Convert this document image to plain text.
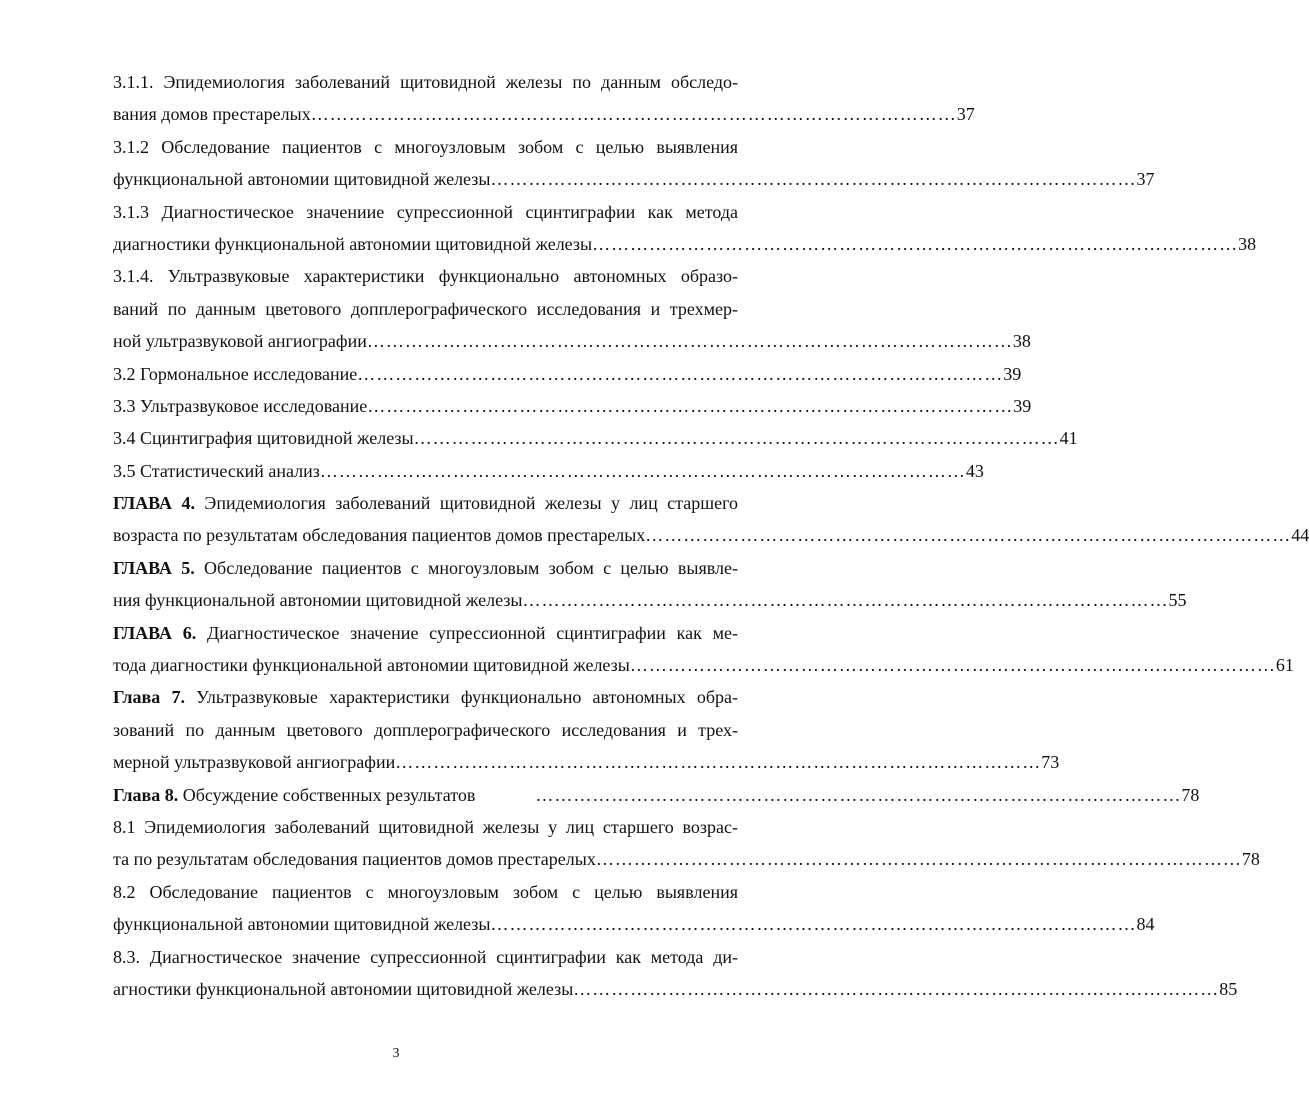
3.1.1. Эпидемиология заболеваний щитовидной железы по данным обследо-
вания домов престарелых ………………………………………………………………………………………… 37
3.1.2 Обследование пациентов с многоузловым зобом с целью выявления
функциональной автономии щитовидной железы ………………………………………………………………………………………… 37
3.1.3 Диагностическое значениие супрессионной сцинтиграфии как метода
диагностики функциональной автономии щитовидной железы ………………………………………………………………………………………… 38
3.1.4. Ультразвуковые характеристики функционально автономных образо-
ваний по данным цветового допплерографического исследования и трехмер-
ной ультразвуковой ангиографии ………………………………………………………………………………………… 38
3.2 Гормональное исследование ………………………………………………………………………………………… 39
3.3 Ультразвуковое исследование ………………………………………………………………………………………… 39
3.4 Сцинтиграфия щитовидной железы ………………………………………………………………………………………… 41
3.5 Статистический анализ ………………………………………………………………………………………… 43
ГЛАВА 4. Эпидемиология заболеваний щитовидной железы у лиц старшего
возраста по результатам обследования пациентов домов престарелых ………………………………………………………………………………………… 44
ГЛАВА 5. Обследование пациентов с многоузловым зобом с целью выявле-
ния функциональной автономии щитовидной железы ………………………………………………………………………………………… 55
ГЛАВА 6. Диагностическое значение супрессионной сцинтиграфии как ме-
тода диагностики функциональной автономии щитовидной железы ………………………………………………………………………………………… 61
Глава 7. Ультразвуковые характеристики функционально автономных обра-
зований по данным цветового допплерографического исследования и трех-
мерной ультразвуковой ангиографии ………………………………………………………………………………………… 73
Глава 8. Обсуждение собственных результатов	………………………………………………………………………………………… 78
8.1 Эпидемиология заболеваний щитовидной железы у лиц старшего возрас-
та по результатам обследования пациентов домов престарелых ………………………………………………………………………………………… 78
8.2 Обследование пациентов с многоузловым зобом с целью выявления
функциональной автономии щитовидной железы ………………………………………………………………………………………… 84
8.3. Диагностическое значение супрессионной сцинтиграфии как метода ди-
агностики функциональной автономии щитовидной железы ………………………………………………………………………………………… 85
3
